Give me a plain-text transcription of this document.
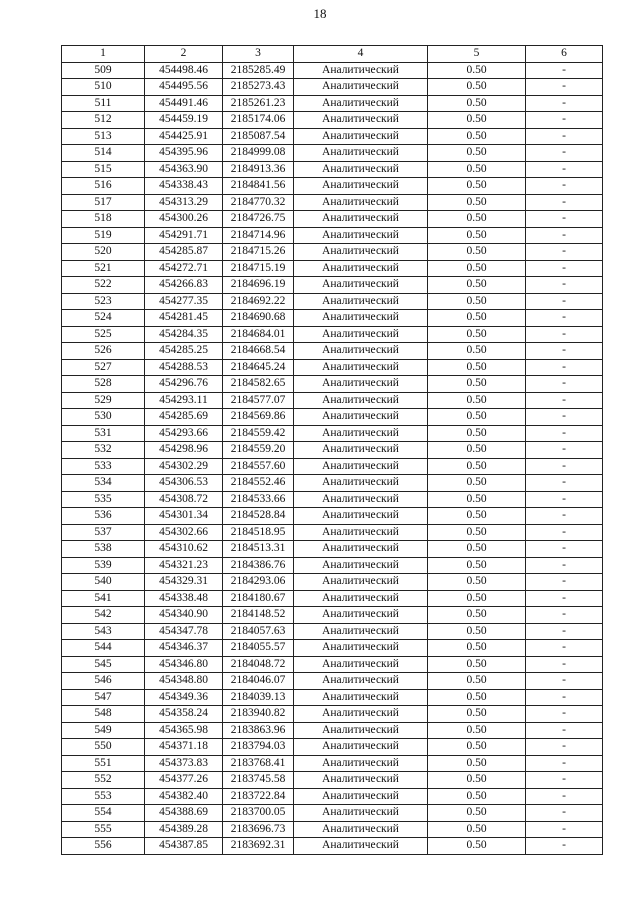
18
1	2	3	4	5	6
509	454498.46	2185285.49	Аналитический	0.50	-
510	454495.56	2185273.43	Аналитический	0.50	-
511	454491.46	2185261.23	Аналитический	0.50	-
512	454459.19	2185174.06	Аналитический	0.50	-
513	454425.91	2185087.54	Аналитический	0.50	-
514	454395.96	2184999.08	Аналитический	0.50	-
515	454363.90	2184913.36	Аналитический	0.50	-
516	454338.43	2184841.56	Аналитический	0.50	-
517	454313.29	2184770.32	Аналитический	0.50	-
518	454300.26	2184726.75	Аналитический	0.50	-
519	454291.71	2184714.96	Аналитический	0.50	-
520	454285.87	2184715.26	Аналитический	0.50	-
521	454272.71	2184715.19	Аналитический	0.50	-
522	454266.83	2184696.19	Аналитический	0.50	-
523	454277.35	2184692.22	Аналитический	0.50	-
524	454281.45	2184690.68	Аналитический	0.50	-
525	454284.35	2184684.01	Аналитический	0.50	-
526	454285.25	2184668.54	Аналитический	0.50	-
527	454288.53	2184645.24	Аналитический	0.50	-
528	454296.76	2184582.65	Аналитический	0.50	-
529	454293.11	2184577.07	Аналитический	0.50	-
530	454285.69	2184569.86	Аналитический	0.50	-
531	454293.66	2184559.42	Аналитический	0.50	-
532	454298.96	2184559.20	Аналитический	0.50	-
533	454302.29	2184557.60	Аналитический	0.50	-
534	454306.53	2184552.46	Аналитический	0.50	-
535	454308.72	2184533.66	Аналитический	0.50	-
536	454301.34	2184528.84	Аналитический	0.50	-
537	454302.66	2184518.95	Аналитический	0.50	-
538	454310.62	2184513.31	Аналитический	0.50	-
539	454321.23	2184386.76	Аналитический	0.50	-
540	454329.31	2184293.06	Аналитический	0.50	-
541	454338.48	2184180.67	Аналитический	0.50	-
542	454340.90	2184148.52	Аналитический	0.50	-
543	454347.78	2184057.63	Аналитический	0.50	-
544	454346.37	2184055.57	Аналитический	0.50	-
545	454346.80	2184048.72	Аналитический	0.50	-
546	454348.80	2184046.07	Аналитический	0.50	-
547	454349.36	2184039.13	Аналитический	0.50	-
548	454358.24	2183940.82	Аналитический	0.50	-
549	454365.98	2183863.96	Аналитический	0.50	-
550	454371.18	2183794.03	Аналитический	0.50	-
551	454373.83	2183768.41	Аналитический	0.50	-
552	454377.26	2183745.58	Аналитический	0.50	-
553	454382.40	2183722.84	Аналитический	0.50	-
554	454388.69	2183700.05	Аналитический	0.50	-
555	454389.28	2183696.73	Аналитический	0.50	-
556	454387.85	2183692.31	Аналитический	0.50	-
